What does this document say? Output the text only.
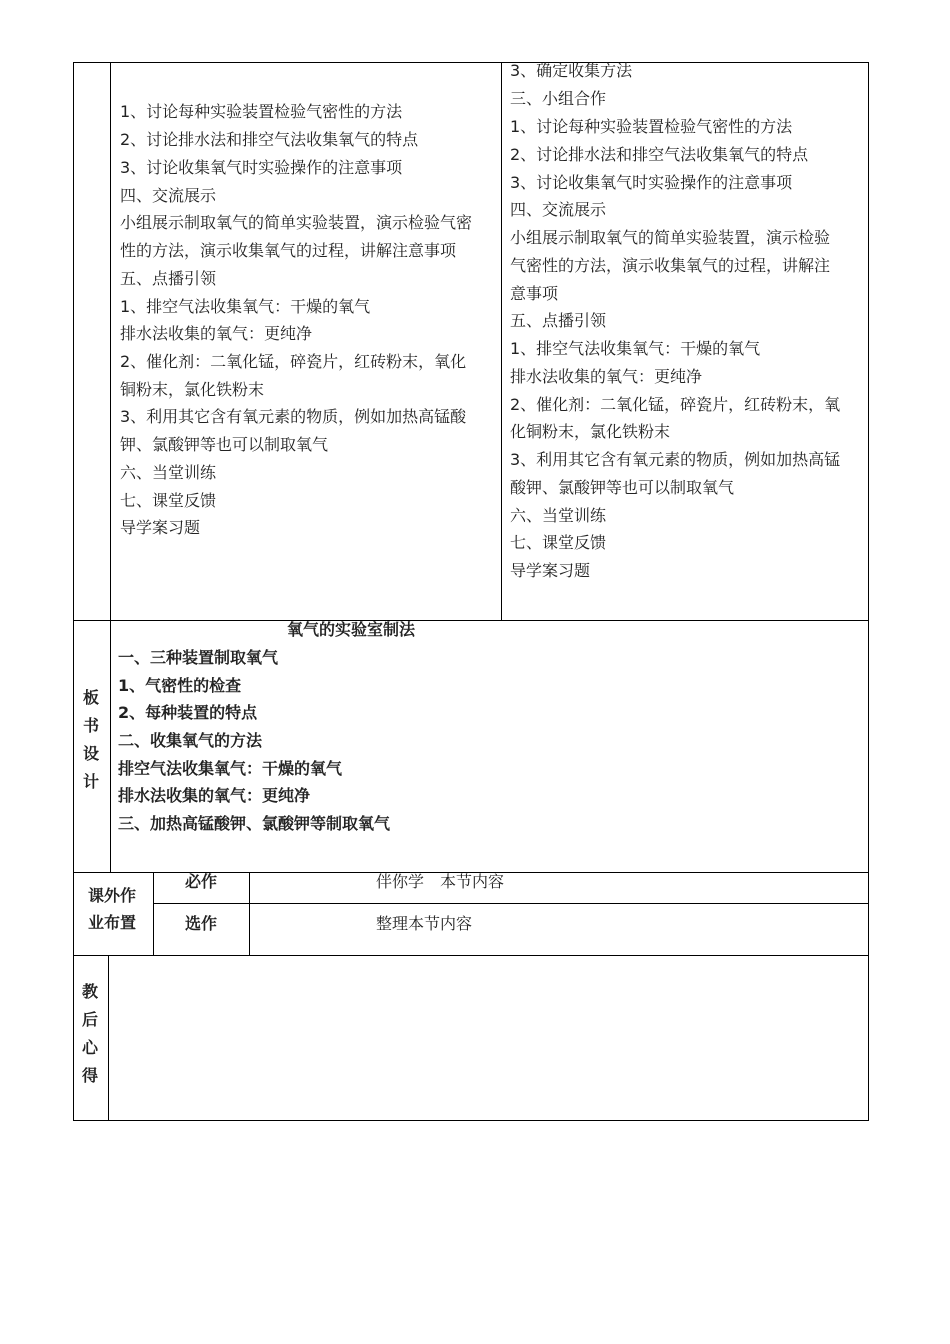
1、讨论每种实验装置检验气密性的方法
2、讨论排水法和排空气法收集氧气的特点
3、讨论收集氧气时实验操作的注意事项
四、交流展示
小组展示制取氧气的简单实验装置，演示检验气密
性的方法，演示收集氧气的过程，讲解注意事项
五、点播引领
1、排空气法收集氧气：干燥的氧气
排水法收集的氧气：更纯净
2、催化剂：二氧化锰，碎瓷片，红砖粉末，氧化
铜粉末，氯化铁粉末
3、利用其它含有氧元素的物质，例如加热高锰酸
钾、氯酸钾等也可以制取氧气
六、当堂训练
七、课堂反馈
导学案习题
3、确定收集方法
三、小组合作
1、讨论每种实验装置检验气密性的方法
2、讨论排水法和排空气法收集氧气的特点
3、讨论收集氧气时实验操作的注意事项
四、交流展示
小组展示制取氧气的简单实验装置，演示检验
气密性的方法，演示收集氧气的过程，讲解注
意事项
五、点播引领
1、排空气法收集氧气：干燥的氧气
排水法收集的氧气：更纯净
2、催化剂：二氧化锰，碎瓷片，红砖粉末，氧
化铜粉末，氯化铁粉末
3、利用其它含有氧元素的物质，例如加热高锰
酸钾、氯酸钾等也可以制取氧气
六、当堂训练
七、课堂反馈
导学案习题
板
书
设
计
氧气的实验室制法
一、三种装置制取氧气
1、气密性的检查
2、每种装置的特点
二、收集氧气的方法
排空气法收集氧气：干燥的氧气
排水法收集的氧气：更纯净
三、加热高锰酸钾、氯酸钾等制取氧气
课外作
业布置
必作	伴你学　本节内容
选作	整理本节内容
教
后
心
得
